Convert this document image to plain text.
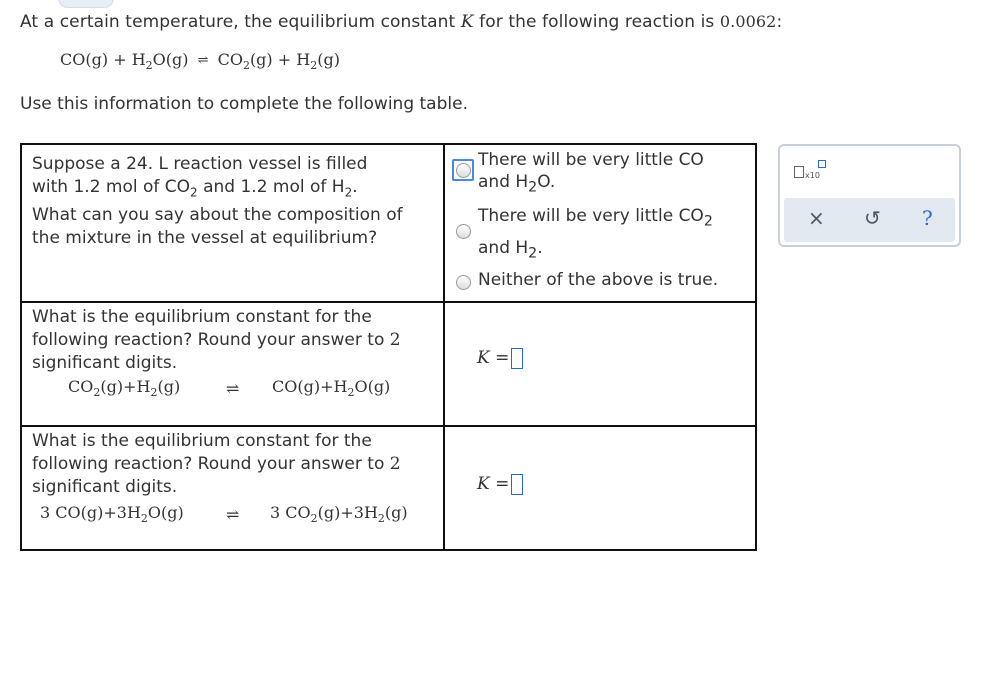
At a certain temperature, the equilibrium constant K for the following reaction is 0.0062:
$CO(g) + H_2O(g)$ ⇌ $CO_2(g) + H_2(g)$
Use this information to complete the following table.
Suppose a 24. L reaction vessel is filled
with 1.2 mol of $CO_2$ and 1.2 mol of $H_2$.
What can you say about the composition of
the mixture in the vessel at equilibrium?
There will be very little CO
and $H_2O$.
There will be very little $CO_2$
and $H_2$.
Neither of the above is true.
What is the equilibrium constant for the
following reaction? Round your answer to 2
significant digits.
$CO_2(g)+H_2(g)$	⇌ $CO(g)+H_2O(g)$
K =
What is the equilibrium constant for the
following reaction? Round your answer to 2
significant digits.
3 $CO(g)+3H_2O(g)$	⇌ 3 $CO_2(g)+3H_2(g)$
K =
x10
× ↺ ?
